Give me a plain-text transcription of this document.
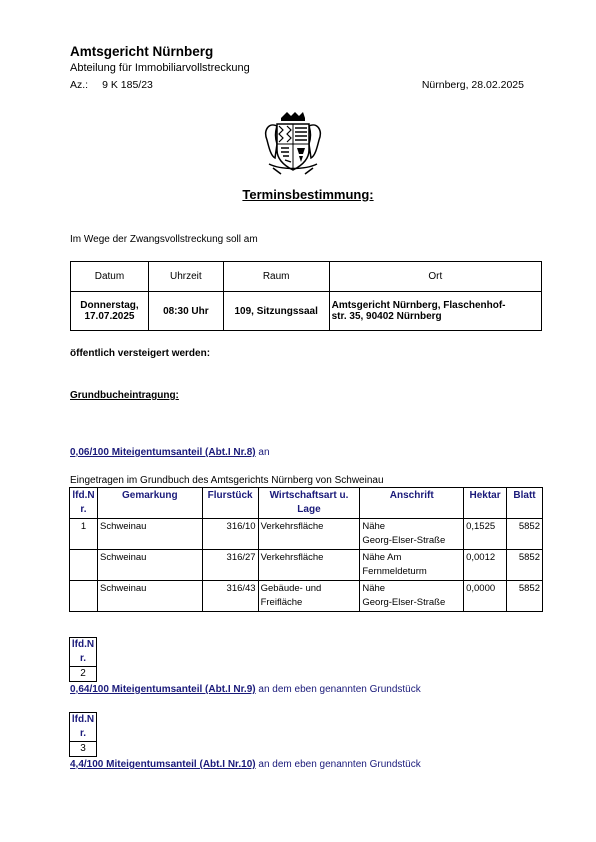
Amtsgericht Nürnberg
Abteilung für Immobiliarvollstreckung
Az.: 9 K 185/23	Nürnberg, 28.02.2025
Terminsbestimmung:
Im Wege der Zwangsvollstreckung soll am
Datum	Uhrzeit	Raum	Ort
Donnerstag,
17.07.2025	08:30 Uhr	109, Sitzungssaal	Amtsgericht Nürnberg, Flaschenhof-
str. 35, 90402 Nürnberg
öffentlich versteigert werden:
Grundbucheintragung:
0,06/100 Miteigentumsanteil (Abt.I Nr.8) an
Eingetragen im Grundbuch des Amtsgerichts Nürnberg von Schweinau
lfd.N
r.	Gemarkung	Flurstück	Wirtschaftsart u.
Lage	Anschrift	Hektar	Blatt
1	Schweinau	316/10	Verkehrsfläche	Nähe
Georg-Elser-Straße	0,1525	5852
	Schweinau	316/27	Verkehrsfläche	Nähe Am
Fernmeldeturm	0,0012	5852
	Schweinau	316/43	Gebäude- und
Freifläche	Nähe
Georg-Elser-Straße	0,0000	5852
lfd.N
r.
2
0,64/100 Miteigentumsanteil (Abt.I Nr.9) an dem eben genannten Grundstück
lfd.N
r.
3
4,4/100 Miteigentumsanteil (Abt.I Nr.10) an dem eben genannten Grundstück
